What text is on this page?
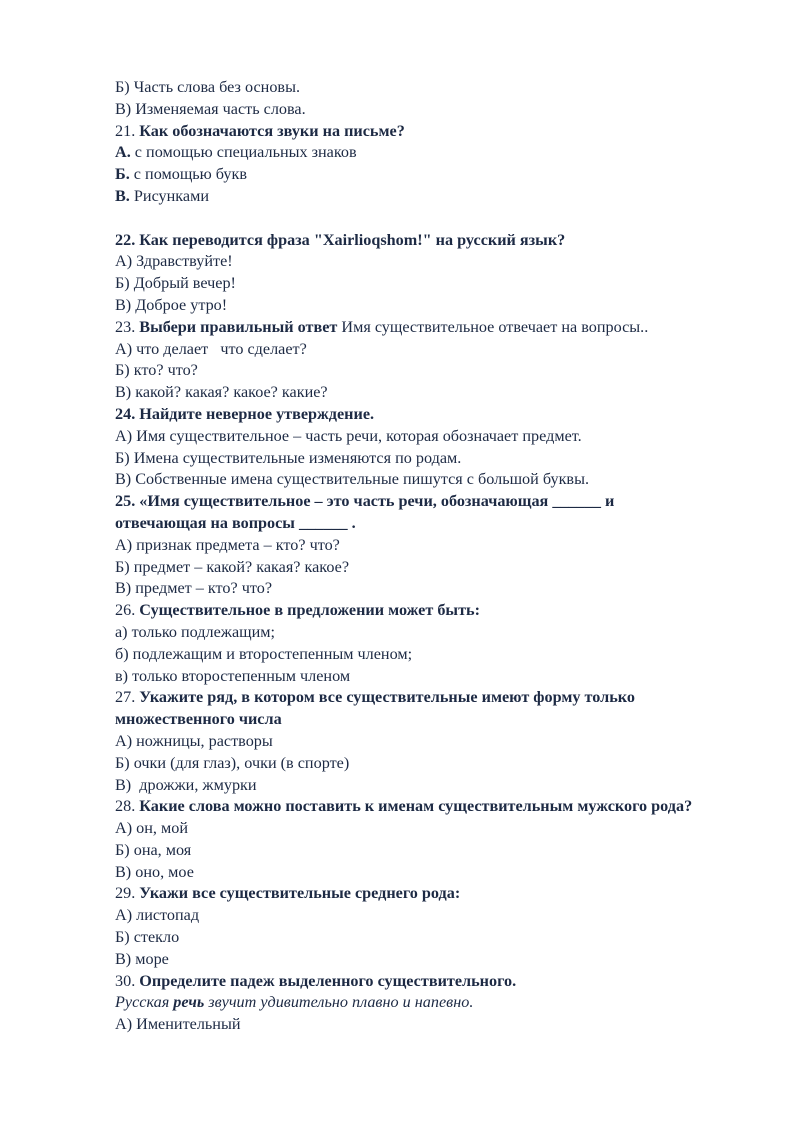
Б) Часть слова без основы.

В) Изменяемая часть слова.

21. Как обозначаются звуки на письме?

А. с помощью специальных знаков

Б. с помощью букв

В. Рисунками

22. Как переводится фраза "Xairlioqshom!" на русский язык?

А) Здравствуйте!

Б) Добрый вечер!

В) Доброе утро!

23. Выбери правильный ответ Имя существительное отвечает на вопросы..

А) что делает   что сделает?

Б) кто? что?

В) какой? какая? какое? какие?

24. Найдите неверное утверждение.

А) Имя существительное – часть речи, которая обозначает предмет.

Б) Имена существительные изменяются по родам.

В) Собственные имена существительные пишутся с большой буквы.

25. «Имя существительное – это часть речи, обозначающая ______ и

отвечающая на вопросы ______ .

А) признак предмета – кто? что?

Б) предмет – какой? какая? какое?

В) предмет – кто? что?

26. Существительное в предложении может быть:

а) только подлежащим;

б) подлежащим и второстепенным членом;

в) только второстепенным членом

27. Укажите ряд, в котором все существительные имеют форму только множественного числа

А) ножницы, растворы

Б) очки (для глаз), очки (в спорте)

В)  дрожжи, жмурки

28. Какие слова можно поставить к именам существительным мужского рода?

А) он, мой

Б) она, моя

В) оно, мое

29. Укажи все существительные среднего рода:

А) листопад

Б) стекло

В) море

30. Определите падеж выделенного существительного.

Русская речь звучит удивительно плавно и напевно.

А) Именительный
